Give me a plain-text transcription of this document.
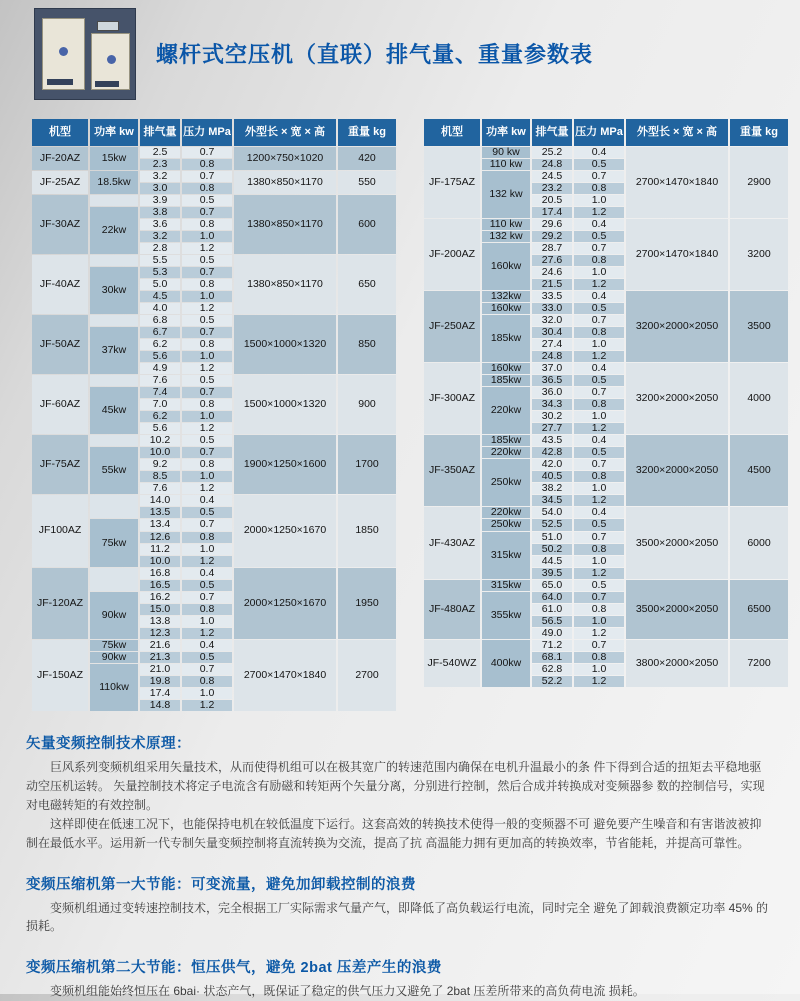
螺杆式空压机（直联）排气量、重量参数表
机型	功率 kw	排气量	压力 MPa	外型长 × 宽 × 高	重量 kg
JF-20AZ	15kw	2.5	0.7	1200×750×1020	420
		2.3	0.8		
JF-25AZ	18.5kw	3.2	0.7	1380×850×1170	550
		3.0	0.8		
JF-30AZ		3.9	0.5	1380×850×1170	600
	22kw	3.8	0.7		
		3.6	0.8		
		3.2	1.0		
		2.8	1.2		
JF-40AZ		5.5	0.5	1380×850×1170	650
	30kw	5.3	0.7		
		5.0	0.8		
		4.5	1.0		
		4.0	1.2		
JF-50AZ		6.8	0.5	1500×1000×1320	850
	37kw	6.7	0.7		
		6.2	0.8		
		5.6	1.0		
		4.9	1.2		
JF-60AZ		7.6	0.5	1500×1000×1320	900
	45kw	7.4	0.7		
		7.0	0.8		
		6.2	1.0		
		5.6	1.2		
JF-75AZ		10.2	0.5	1900×1250×1600	1700
	55kw	10.0	0.7		
		9.2	0.8		
		8.5	1.0		
		7.6	1.2		
JF100AZ		14.0	0.4	2000×1250×1670	1850
		13.5	0.5		
	75kw	13.4	0.7		
		12.6	0.8		
		11.2	1.0		
		10.0	1.2		
JF-120AZ		16.8	0.4	2000×1250×1670	1950
		16.5	0.5		
	90kw	16.2	0.7		
		15.0	0.8		
		13.8	1.0		
		12.3	1.2		
JF-150AZ	75kw	21.6	0.4	2700×1470×1840	2700
	90kw	21.3	0.5		
	110kw	21.0	0.7		
		19.8	0.8		
		17.4	1.0		
		14.8	1.2		
机型	功率 kw	排气量	压力 MPa	外型长 × 宽 × 高	重量 kg
JF-175AZ	90 kw	25.2	0.4	2700×1470×1840	2900
	110 kw	24.8	0.5		
	132 kw	24.5	0.7		
		23.2	0.8		
		20.5	1.0		
		17.4	1.2		
JF-200AZ	110 kw	29.6	0.4	2700×1470×1840	3200
	132 kw	29.2	0.5		
	160kw	28.7	0.7		
		27.6	0.8		
		24.6	1.0		
		21.5	1.2		
JF-250AZ	132kw	33.5	0.4	3200×2000×2050	3500
	160kw	33.0	0.5		
	185kw	32.0	0.7		
		30.4	0.8		
		27.4	1.0		
		24.8	1.2		
JF-300AZ	160kw	37.0	0.4	3200×2000×2050	4000
	185kw	36.5	0.5		
	220kw	36.0	0.7		
		34.3	0.8		
		30.2	1.0		
		27.7	1.2		
JF-350AZ	185kw	43.5	0.4	3200×2000×2050	4500
	220kw	42.8	0.5		
	250kw	42.0	0.7		
		40.5	0.8		
		38.2	1.0		
		34.5	1.2		
JF-430AZ	220kw	54.0	0.4	3500×2000×2050	6000
	250kw	52.5	0.5		
	315kw	51.0	0.7		
		50.2	0.8		
		44.5	1.0		
		39.5	1.2		
JF-480AZ	315kw	65.0	0.5	3500×2000×2050	6500
	355kw	64.0	0.7		
		61.0	0.8		
		56.5	1.0		
		49.0	1.2		
JF-540WZ	400kw	71.2	0.7	3800×2000×2050	7200
		68.1	0.8		
		62.8	1.0		
		52.2	1.2		
矢量变频控制技术原理：

巨风系列变频机组采用矢量技术，从而使得机组可以在极其宽广的转速范围内确保在电机升温最小的条 件下得到合适的扭矩去平稳地驱动空压机运转。 矢量控制技术将定子电流含有励磁和转矩两个矢量分离，分别进行控制，然后合成并转换成对变频器参 数的控制信号，实现对电磁转矩的有效控制。

这样即使在低速工况下，也能保持电机在较低温度下运行。这套高效的转换技术使得一般的变频器不可 避免要产生噪音和有害谐波被抑制在最低水平。运用新一代专制矢量变频控制将直流转换为交流，提高了抗 高温能力拥有更加高的转换效率，节省能耗，并提高可靠性。

变频压缩机第一大节能：可变流量，避免加卸载控制的浪费

变频机组通过变转速控制技术，完全根据工厂实际需求气量产气，即降低了高负载运行电流，同时完全 避免了卸载浪费额定功率 45% 的损耗。

变频压缩机第二大节能：恒压供气，避免 2bat 压差产生的浪费

变频机组能始终恒压在 6bai· 状态产气，既保证了稳定的供气压力又避免了 2bat 压差所带来的高负荷电流 损耗。
